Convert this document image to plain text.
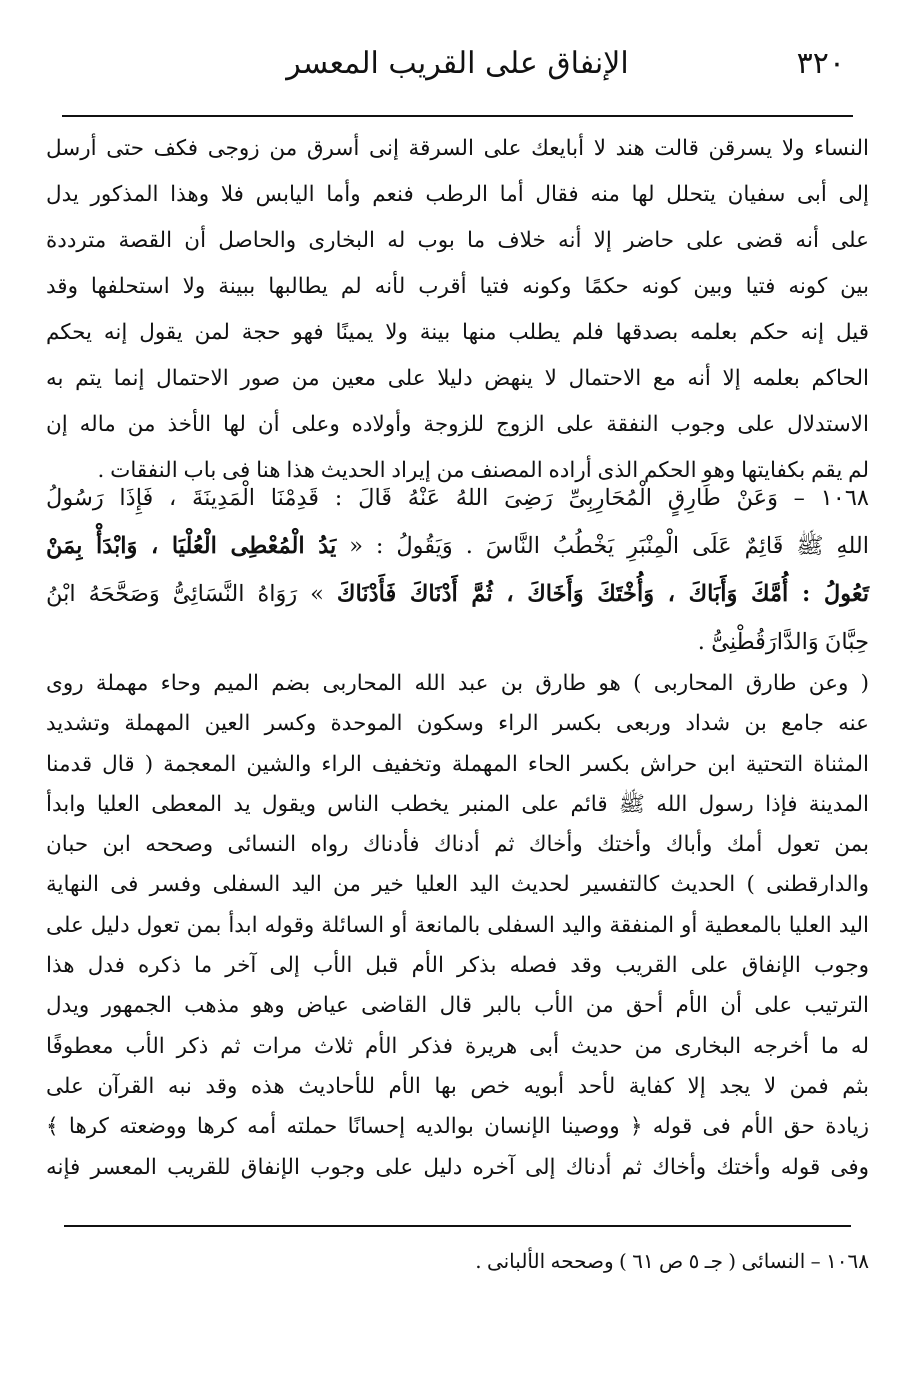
٣٢٠
الإنفاق على القريب المعسر
النساء ولا يسرقن قالت هند لا أبايعك على السرقة إنى أسرق من زوجى فكف حتى أرسل
إلى أبى سفيان يتحلل لها منه فقال أما الرطب فنعم وأما اليابس فلا وهذا المذكور يدل
على أنه قضى على حاضر إلا أنه خلاف ما بوب له البخارى والحاصل أن القصة مترددة
بين كونه فتيا وبين كونه حكمًا وكونه فتيا أقرب لأنه لم يطالبها ببينة ولا استحلفها وقد
قيل إنه حكم بعلمه بصدقها فلم يطلب منها بينة ولا يمينًا فهو حجة لمن يقول إنه يحكم
الحاكم بعلمه إلا أنه مع الاحتمال لا ينهض دليلا على معين من صور الاحتمال إنما يتم به
الاستدلال على وجوب النفقة على الزوج للزوجة وأولاده وعلى أن لها الأخذ من ماله إن
لم يقم بكفايتها وهو الحكم الذى أراده المصنف من إيراد الحديث هذا هنا فى باب النفقات .
١٠٦٨ – وَعَنْ طَارِقٍ الْمُحَارِبِىِّ رَضِىَ اللهُ عَنْهُ قَالَ : قَدِمْنَا الْمَدِينَةَ ، فَإِذَا رَسُولُ
اللهِ ﷺ قَائِمٌ عَلَى الْمِنْبَرِ يَخْطُبُ النَّاسَ . وَيَقُولُ : « يَدُ الْمُعْطِى الْعُلْيَا ، وَابْدَأْ بِمَنْ
تَعُولُ : أُمَّكَ وَأَبَاكَ ، وَأُخْتَكَ وَأَخَاكَ ، ثُمَّ أَدْنَاكَ فَأَدْنَاكَ » رَوَاهُ النَّسَائِىُّ وَصَحَّحَهُ ابْنُ
حِبَّانَ وَالدَّارَقُطْنِىُّ .
( وعن طارق المحاربى ) هو طارق بن عبد الله المحاربى بضم الميم وحاء مهملة روى
عنه جامع بن شداد وربعى بكسر الراء وسكون الموحدة وكسر العين المهملة وتشديد
المثناة التحتية ابن حراش بكسر الحاء المهملة وتخفيف الراء والشين المعجمة ( قال قدمنا
المدينة فإذا رسول الله ﷺ قائم على المنبر يخطب الناس ويقول يد المعطى العليا وابدأ
بمن تعول أمك وأباك وأختك وأخاك ثم أدناك فأدناك رواه النسائى وصححه ابن حبان
والدارقطنى ) الحديث كالتفسير لحديث اليد العليا خير من اليد السفلى وفسر فى النهاية
اليد العليا بالمعطية أو المنفقة واليد السفلى بالمانعة أو السائلة وقوله ابدأ بمن تعول دليل على
وجوب الإنفاق على القريب وقد فصله بذكر الأم قبل الأب إلى آخر ما ذكره فدل هذا
الترتيب على أن الأم أحق من الأب بالبر قال القاضى عياض وهو مذهب الجمهور ويدل
له ما أخرجه البخارى من حديث أبى هريرة فذكر الأم ثلاث مرات ثم ذكر الأب معطوفًا
بثم فمن لا يجد إلا كفاية لأحد أبويه خص بها الأم للأحاديث هذه وقد نبه القرآن على
زيادة حق الأم فى قوله ﴿ ووصينا الإنسان بوالديه إحسانًا حملته أمه كرها ووضعته كرها ﴾
وفى قوله وأختك وأخاك ثم أدناك إلى آخره دليل على وجوب الإنفاق للقريب المعسر فإنه
١٠٦٨ – النسائى ( جـ ٥ ص ٦١ ) وصححه الألبانى .
